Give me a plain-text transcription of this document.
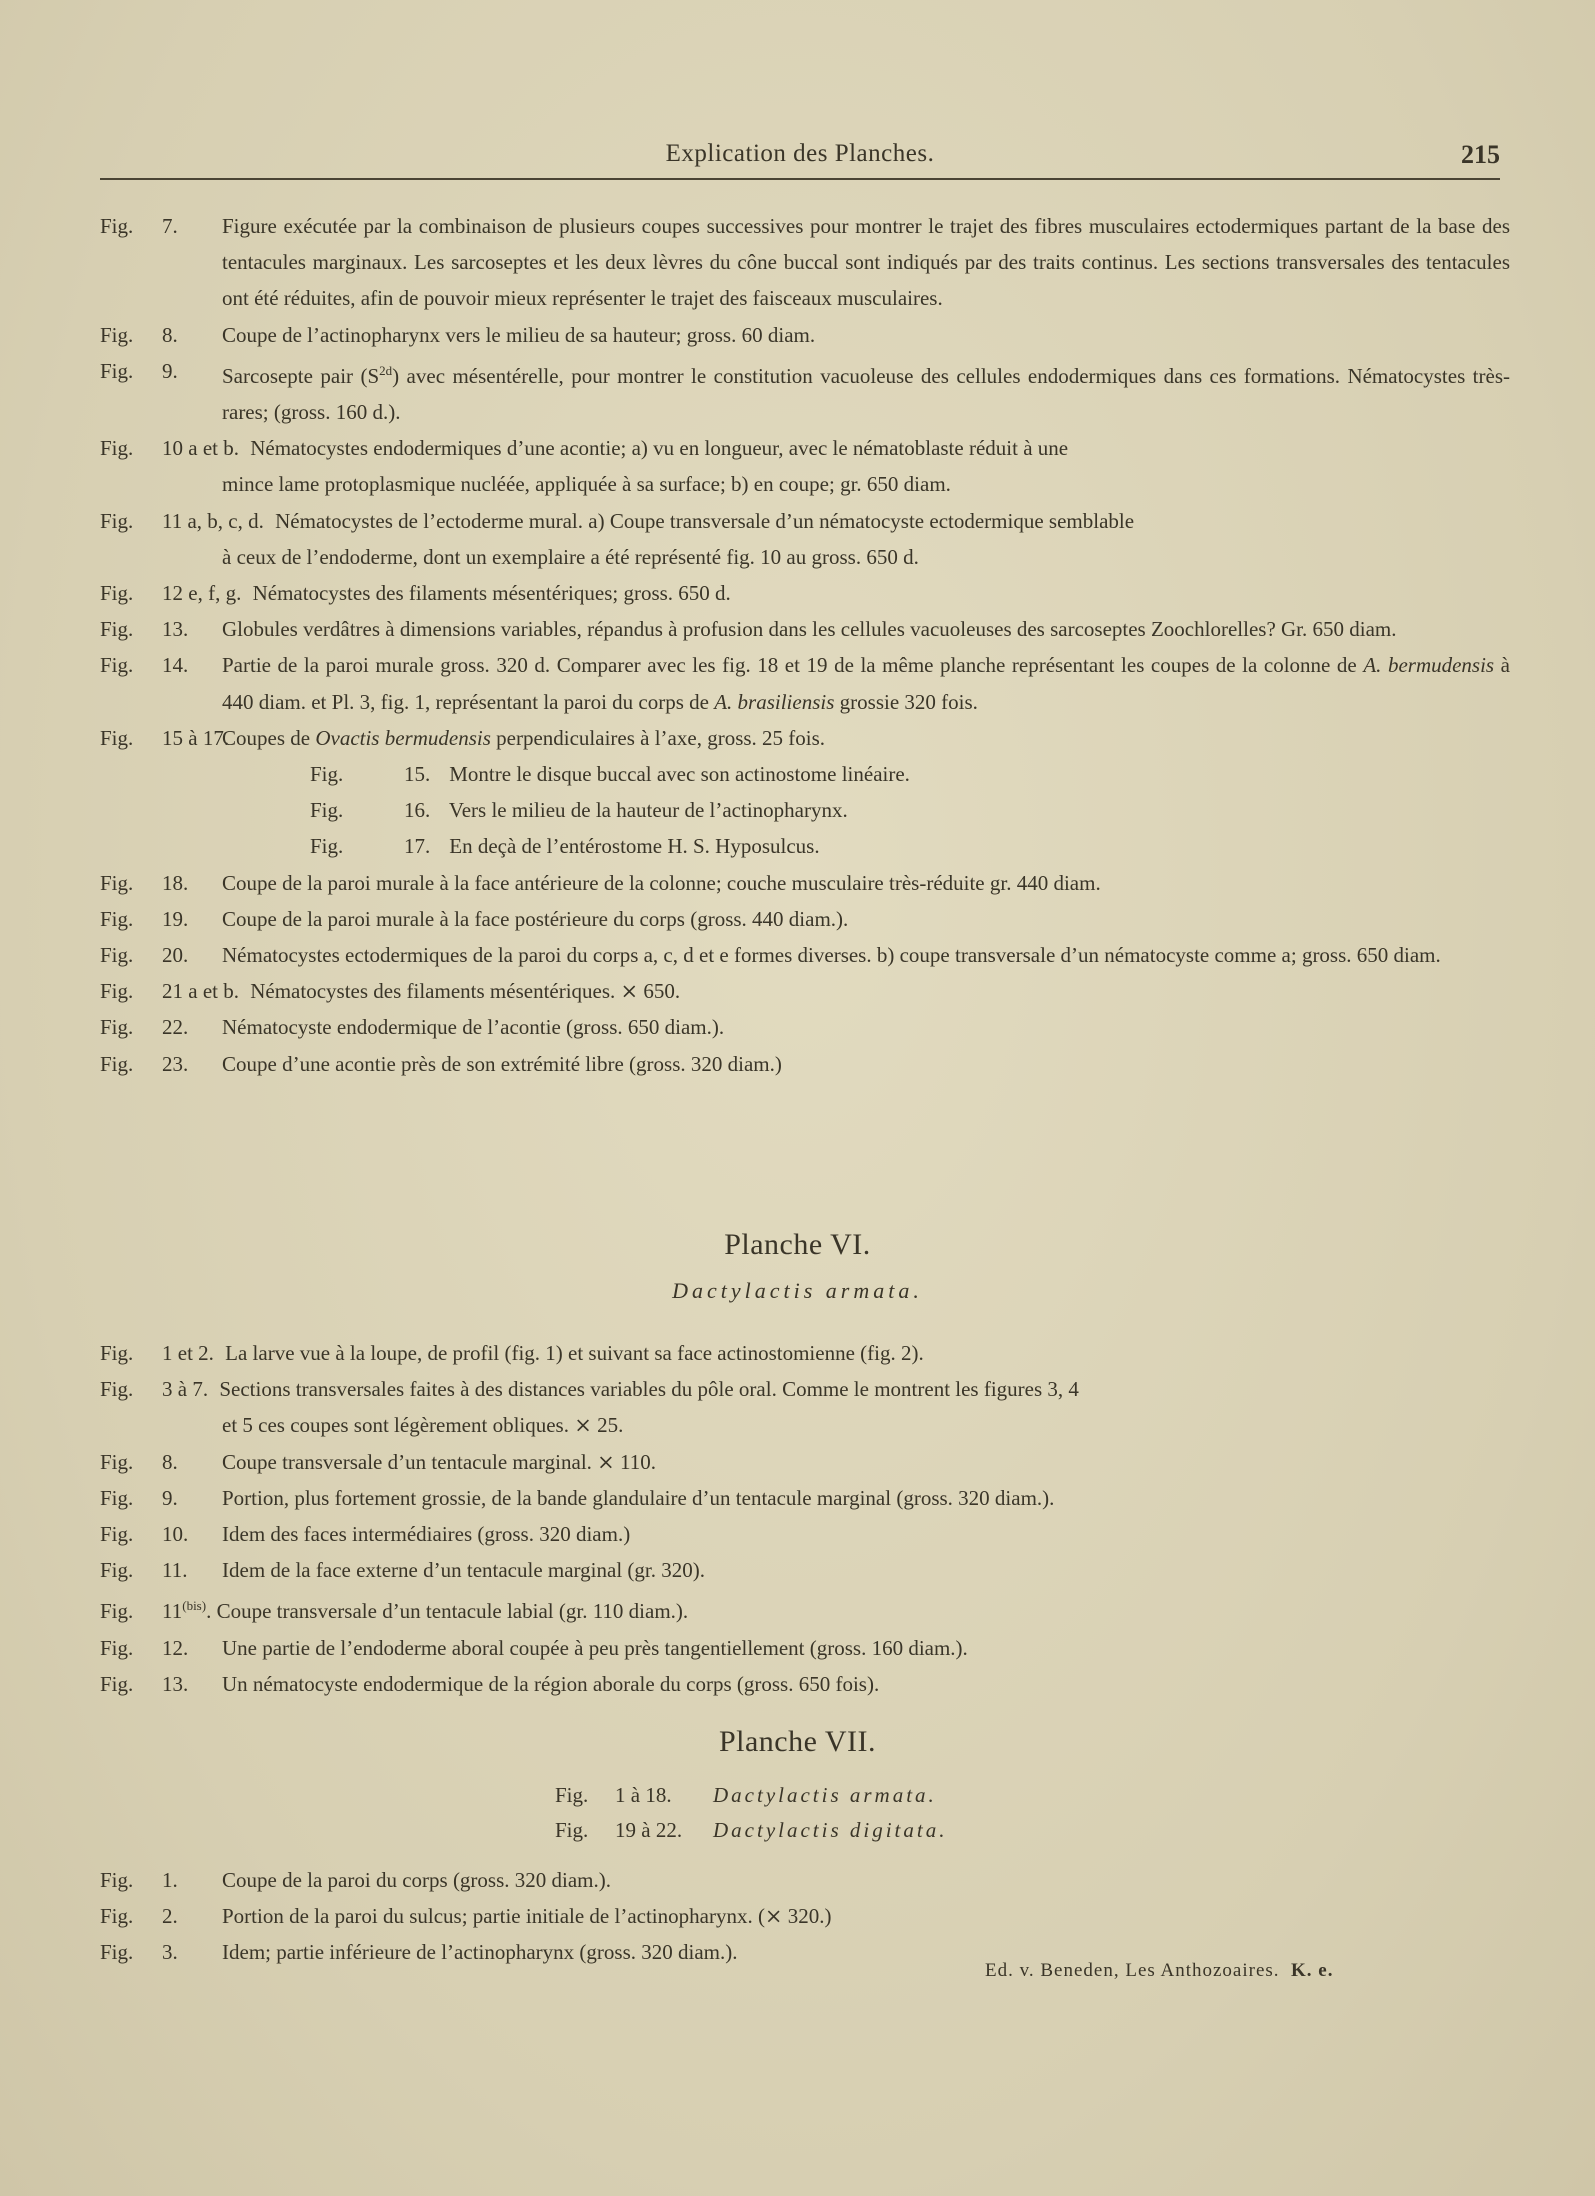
Explication des Planches.	215
Fig. 7.	Figure exécutée par la combinaison de plusieurs coupes successives pour montrer le trajet des fibres musculaires ectodermiques partant de la base des tentacules marginaux. Les sarcoseptes et les deux lèvres du cône buccal sont indiqués par des traits continus. Les sections transversales des tentacules ont été réduites, afin de pouvoir mieux représenter le trajet des faisceaux musculaires.
Fig. 8.	Coupe de l’actinopharynx vers le milieu de sa hauteur; gross. 60 diam.
Fig. 9.	Sarcosepte pair $(S^{2d})$ avec mésentérelle, pour montrer le constitution vacuoleuse des cellules endodermiques dans ces formations. Nématocystes très-rares; (gross. 160 d.).
Fig. 10 a et b. Nématocystes endodermiques d’une acontie; a) vu en longueur, avec le nématoblaste réduit à une
mince lame protoplasmique nucléée, appliquée à sa surface; b) en coupe; gr. 650 diam.
Fig. 11 a, b, c, d. Nématocystes de l’ectoderme mural. a) Coupe transversale d’un nématocyste ectodermique semblable
à ceux de l’endoderme, dont un exemplaire a été représenté fig. 10 au gross. 650 d.
Fig. 12 e, f, g. Nématocystes des filaments mésentériques; gross. 650 d.
Fig. 13.	Globules verdâtres à dimensions variables, répandus à profusion dans les cellules vacuoleuses des sarcoseptes Zoochlorelles? Gr. 650 diam.
Fig. 14.	Partie de la paroi murale gross. 320 d. Comparer avec les fig. 18 et 19 de la même planche représentant les coupes de la colonne de A. bermudensis à 440 diam. et Pl. 3, fig. 1, représentant la paroi du corps de A. brasiliensis grossie 320 fois.
Fig. 15 à 17.
Coupes de Ovactis bermudensis perpendiculaires à l’axe, gross. 25 fois.
Fig.	15. Montre le disque buccal avec son actinostome linéaire.
Fig.	16. Vers le milieu de la hauteur de l’actinopharynx.
Fig.	17. En deçà de l’entérostome H. S. Hyposulcus.
Fig. 18.	Coupe de la paroi murale à la face antérieure de la colonne; couche musculaire très-réduite gr. 440 diam.
Fig. 19.	Coupe de la paroi murale à la face postérieure du corps (gross. 440 diam.).
Fig. 20.	Nématocystes ectodermiques de la paroi du corps a, c, d et e formes diverses. b) coupe transversale d’un nématocyste comme a; gross. 650 diam.
Fig. 21 a et b. Nématocystes des filaments mésentériques. ⨯ 650.
Fig. 22.	Nématocyste endodermique de l’acontie (gross. 650 diam.).
Fig. 23.	Coupe d’une acontie près de son extrémité libre (gross. 320 diam.)
Planche VI.
Dactylactis armata.
Fig. 1 et 2. La larve vue à la loupe, de profil (fig. 1) et suivant sa face actinostomienne (fig. 2).
Fig. 3 à 7. Sections transversales faites à des distances variables du pôle oral. Comme le montrent les figures 3, 4
et 5 ces coupes sont légèrement obliques. ⨯ 25.
Fig. 8.	Coupe transversale d’un tentacule marginal. ⨯ 110.
Fig. 9.	Portion, plus fortement grossie, de la bande glandulaire d’un tentacule marginal (gross. 320 diam.).
Fig. 10.	Idem des faces intermédiaires (gross. 320 diam.)
Fig. 11.	Idem de la face externe d’un tentacule marginal (gr. 320).
Fig. $11^{(bis)}$. Coupe transversale d’un tentacule labial (gr. 110 diam.).
Fig. 12.	Une partie de l’endoderme aboral coupée à peu près tangentiellement (gross. 160 diam.).
Fig. 13.	Un nématocyste endodermique de la région aborale du corps (gross. 650 fois).
Planche VII.
Fig. 1 à 18. Dactylactis armata.
Fig. 19 à 22. Dactylactis digitata.
Fig. 1.	Coupe de la paroi du corps (gross. 320 diam.).
Fig. 2.	Portion de la paroi du sulcus; partie initiale de l’actinopharynx. (⨯ 320.)
Fig. 3.	Idem; partie inférieure de l’actinopharynx (gross. 320 diam.).
Ed. v. Beneden, Les Anthozoaires. K. e.
